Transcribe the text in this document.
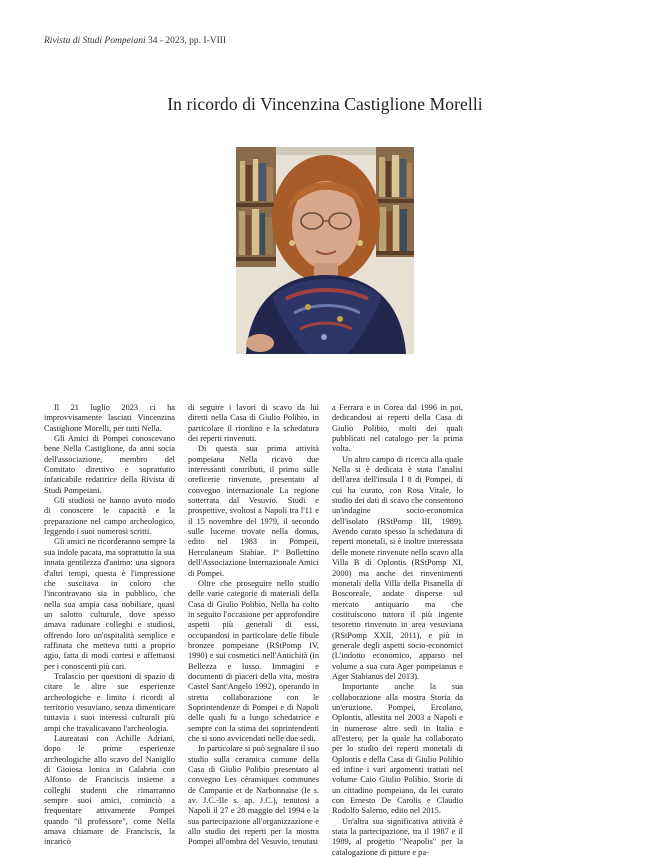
Rivista di Studi Pompeiani 34 - 2023, pp. I-VIII
In ricordo di Vincenzina Castiglione Morelli

Il 21 luglio 2023 ci ha improvvisamente lasciati Vincenzina Castiglione Morelli, per tutti Nella.

Gli Amici di Pompei conoscevano bene Nella Castiglione, da anni socia dell'associazione, membro del Comitato direttivo e soprattutto infaticabile redattrice della Rivista di Studi Pompeiani.

Gli studiosi ne hanno avuto modo di conoscere le capacità e la preparazione nel campo archeologico, leggendo i suoi numerosi scritti.

Gli amici ne ricorderanno sempre la sua indole pacata, ma soprattutto la sua innata gentilezza d'animo: una signora d'altri tempi, questa è l'impressione che suscitava in coloro che l'incontravano sia in pubblico, che nella sua ampia casa nobiliare, quasi un salotto culturale, dove spesso amava radunare colleghi e studiosi, offrendo loro un'ospitalità semplice e raffinata che metteva tutti a proprio agio, fatta di modi cortesi e affettuosi per i conoscenti più cari.

Tralascio per questioni di spazio di citare le altre sue esperienze archeologiche e limito i ricordi al territorio vesuviano, senza dimenticare tuttavia i suoi interessi culturali più ampi che travalicavano l'archeologia.

Laureatasi con Achille Adriani, dopo le prime esperienze archeologiche allo scavo del Naniglio di Gioiosa Ionica in Calabria con Alfonso de Franciscis insieme a colleghi studenti che rimarranno sempre suoi amici, cominciò a frequentare attivamente Pompei quando "il professore", come Nella amava chiamare de Franciscis, la incaricò

di seguire i lavori di scavo da lui diretti nella Casa di Giulio Polibio, in particolare il riordino e la schedatura dei reperti rinvenuti.

Di questa sua prima attività pompeiana Nella ricavò due interessanti contributi, il primo sulle oreficerie rinvenute, presentato al convegno internazionale La regione sotterrata dal Vesuvio. Studi e prospettive, svoltosi a Napoli tra l'11 e il 15 novembre del 1979, il secondo sulle lucerne trovate nella domus, edito nel 1983 in Pompeii, Herculaneum Stabiae. I° Bollettino dell'Associazione Internazionale Amici di Pompei.

Oltre che proseguire nello studio delle varie categorie di materiali della Casa di Giulio Polibio, Nella ha colto in seguito l'occasione per approfondire aspetti più generali di essi, occupandosi in particolare delle fibule bronzee pompeiane (RStPomp IV, 1990) e sui cosmetici nell'Antichità (in Bellezza e lusso. Immagini e documenti di piaceri della vita, mostra Castel Sant'Angelo 1992), operando in stretta collaborazione con le Soprintendenze di Pompei e di Napoli delle quali fu a lungo schedatrice e sempre con la stima dei soprintendenti che si sono avvicendati nelle due sedi.

In particolare si può segnalare il suo studio sulla ceramica comune della Casa di Giulio Polibio presentato al convegno Les céramiques communes de Campanie et de Narbonnaise (Ie s. av. J.C.-IIe s. ap. J.C.), tenutosi a Napoli il 27 e 28 maggio del 1994 e la sua partecipazione all'organizzazione e allo studio dei reperti per la mostra Pompei all'ombra del Vesuvio, tenutasi

a Ferrara e in Corea dal 1996 in poi, dedicandosi ai reperti della Casa di Giulio Polibio, molti dei quali pubblicati nel catalogo per la prima volta.

Un altro campo di ricerca alla quale Nella si è dedicata è stata l'analisi dell'area dell'insula I 8 di Pompei, di cui ha curato, con Rosa Vitale, lo studio dei dati di scavo che consentono un'indagine socio-economica dell'isolato (RStPomp III, 1989). Avendo curato spesso la schedatura di reperti monetali, si è inoltre interessata delle monete rinvenute nello scavo alla Villa B di Oplontis (RStPomp XI, 2000) ma anche dei rinvenimenti monetali della Villa della Pisanella di Boscoreale, andate disperse sul mercato antiquario ma che costituiscono tuttora il più ingente tesoretto rinvenuto in area vesuviana (RStPomp XXII, 2011), e più in generale degli aspetti socio-economici (L'indotto economico, apparso nel volume a sua cura Ager pompeianus e Ager Stabianus del 2013).

Importante anche la sua collaborazione alla mostra Storia da un'eruzione. Pompei, Ercolano, Oplontis, allestita nel 2003 a Napoli e in numerose altre sedi in Italia e all'estero, per la quale ha collaborato per lo studio dei reperti monetali di Oplontis e della Casa di Giulio Polibio ed infine i vari argomenti trattati nel volume Caio Giulio Polibio. Storie di un cittadino pompeiano, da lei curato con Ernesto De Carolis e Claudio Rodolfo Salerno, edito nel 2015.

Un'altra sua significativa attività è stata la partecipazione, tra il 1987 e il 1989, al progetto "Neapolis" per la catalogazione di pitture e pa-
